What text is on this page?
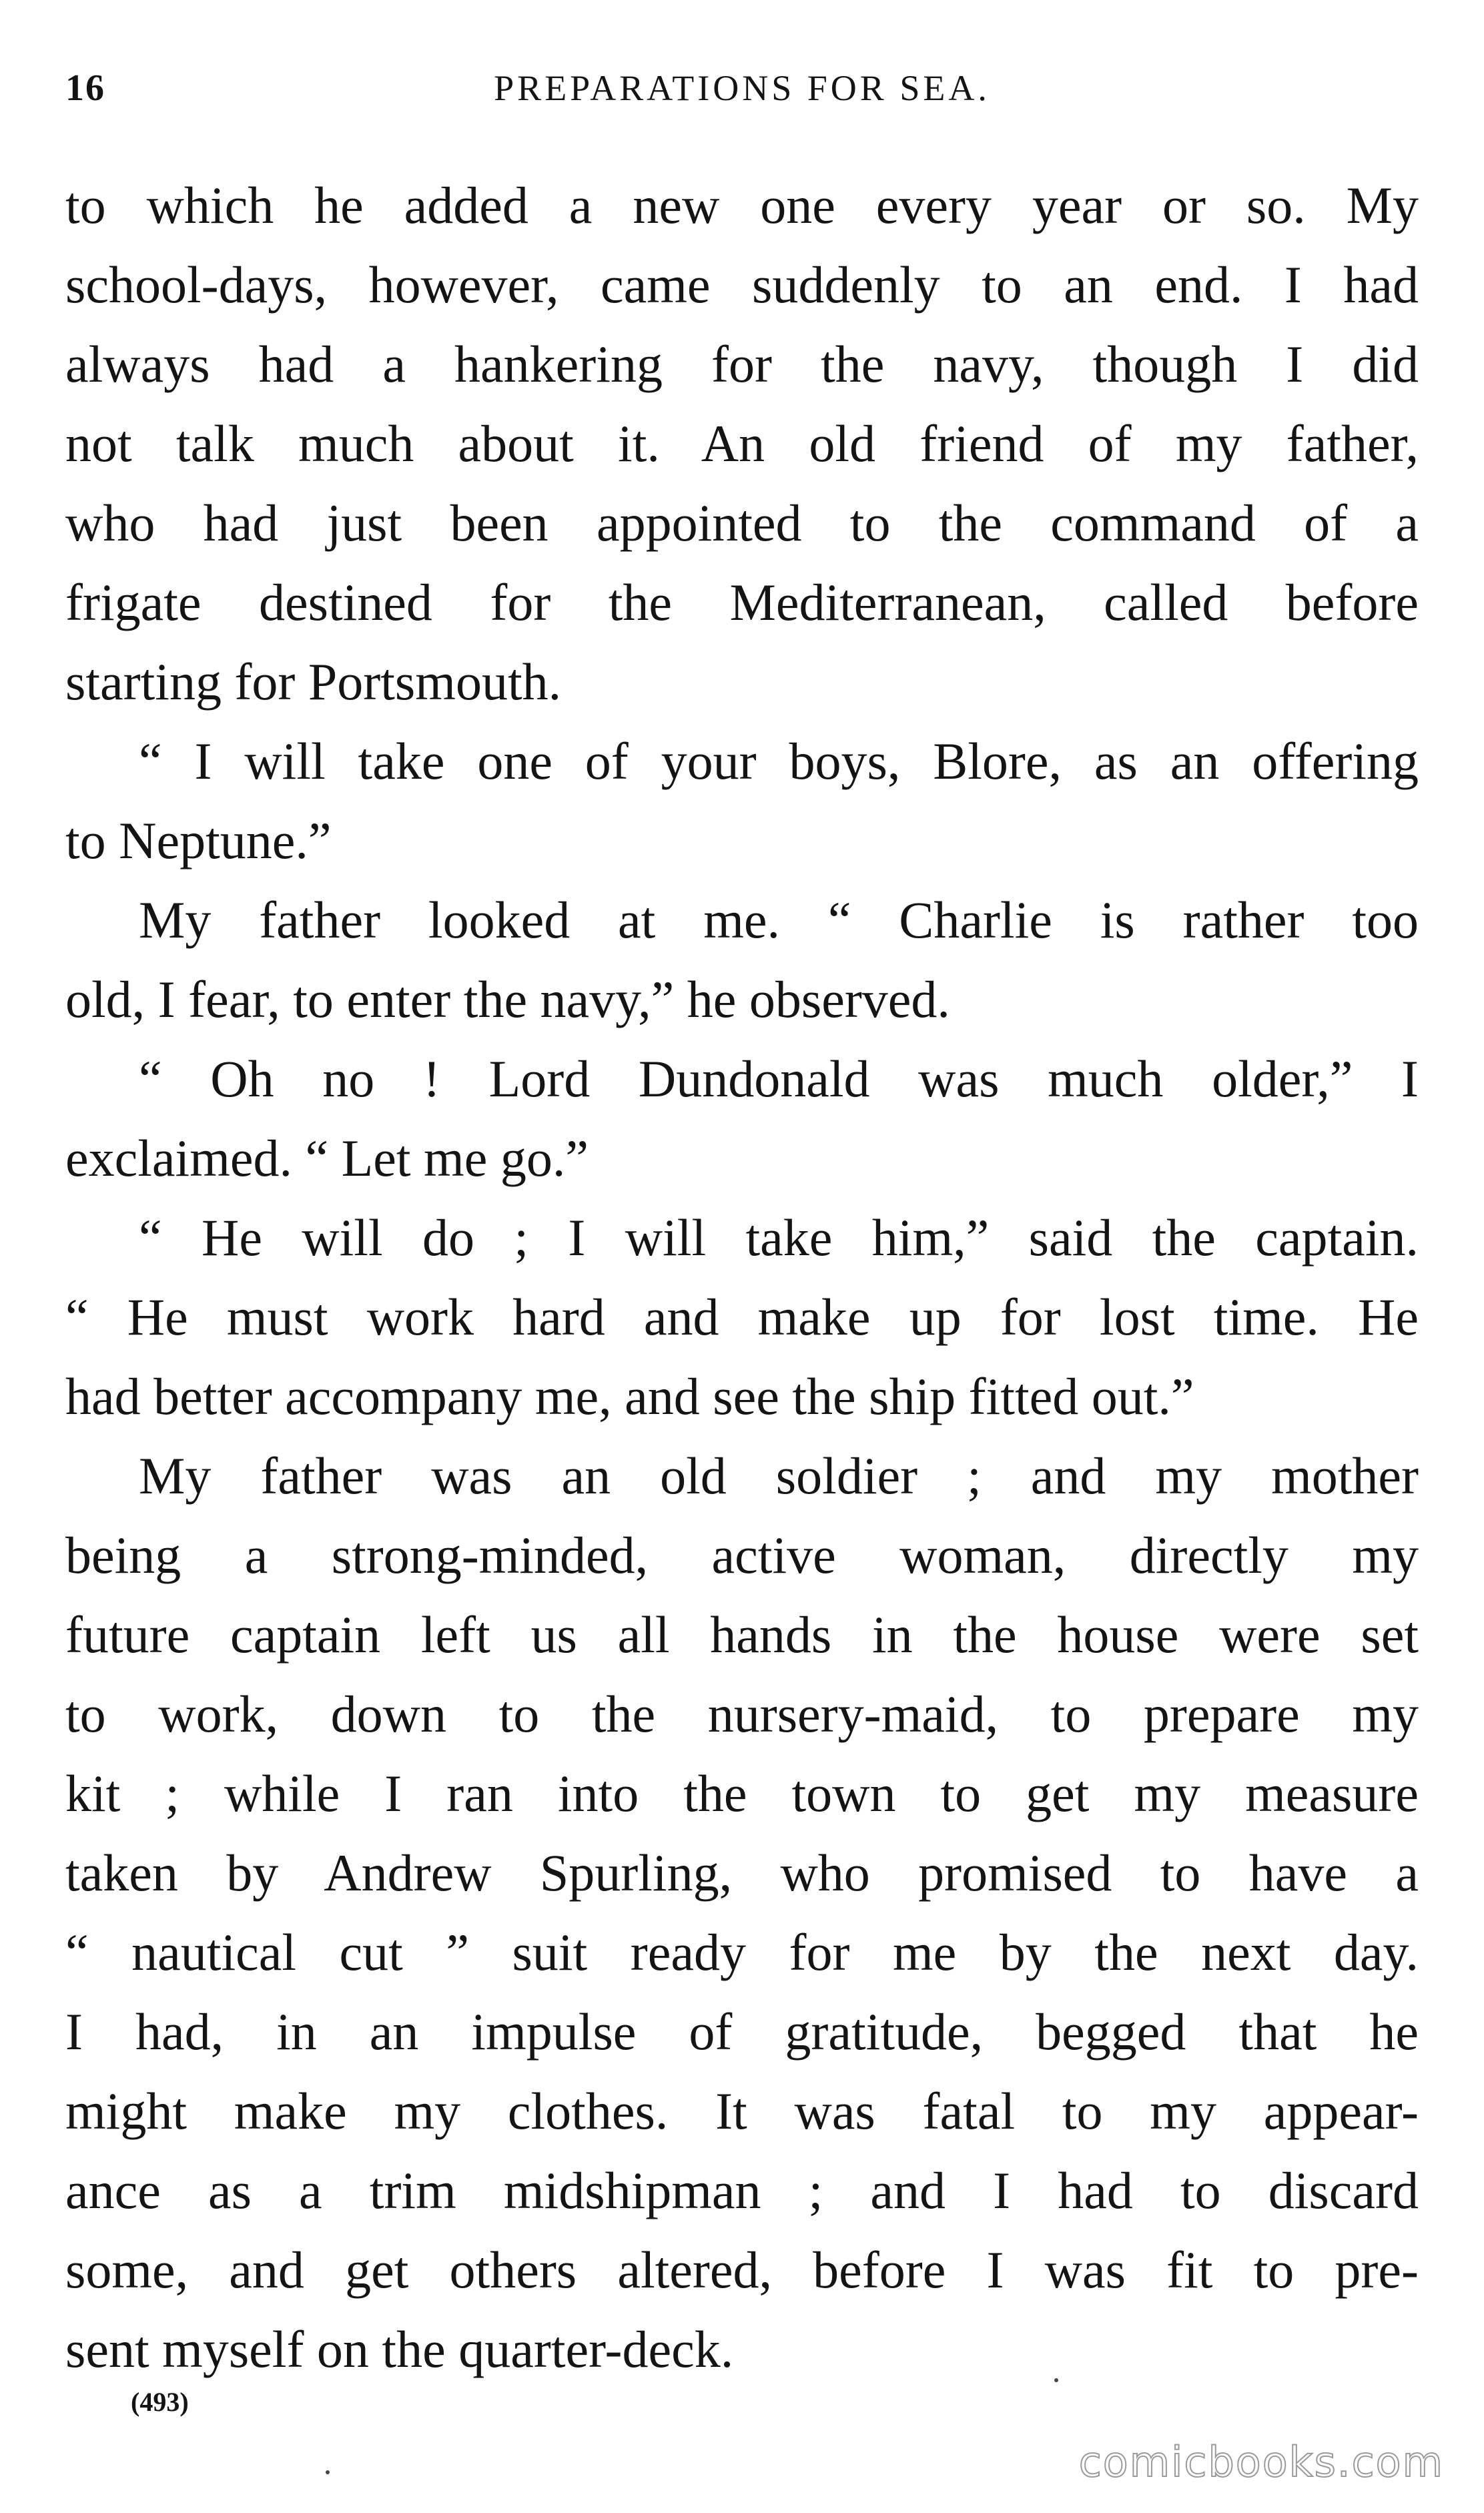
16	PREPARATIONS FOR SEA.
to which he added a new one every year or so. My
school-days, however, came suddenly to an end. I had
always had a hankering for the navy, though I did
not talk much about it. An old friend of my father,
who had just been appointed to the command of a
frigate destined for the Mediterranean, called before
starting for Portsmouth.
“ I will take one of your boys, Blore, as an offering
to Neptune.”
My father looked at me. “ Charlie is rather too
old, I fear, to enter the navy,” he observed.
“ Oh no ! Lord Dundonald was much older,” I
exclaimed. “ Let me go.”
“ He will do ; I will take him,” said the captain.
“ He must work hard and make up for lost time. He
had better accompany me, and see the ship fitted out.”
My father was an old soldier ; and my mother
being a strong-minded, active woman, directly my
future captain left us all hands in the house were set
to work, down to the nursery-maid, to prepare my
kit ; while I ran into the town to get my measure
taken by Andrew Spurling, who promised to have a
“ nautical cut ” suit ready for me by the next day.
I had, in an impulse of gratitude, begged that he
might make my clothes. It was fatal to my appear-
ance as a trim midshipman ; and I had to discard
some, and get others altered, before I was fit to pre-
sent myself on the quarter-deck.
(493)
comicbooks.com
